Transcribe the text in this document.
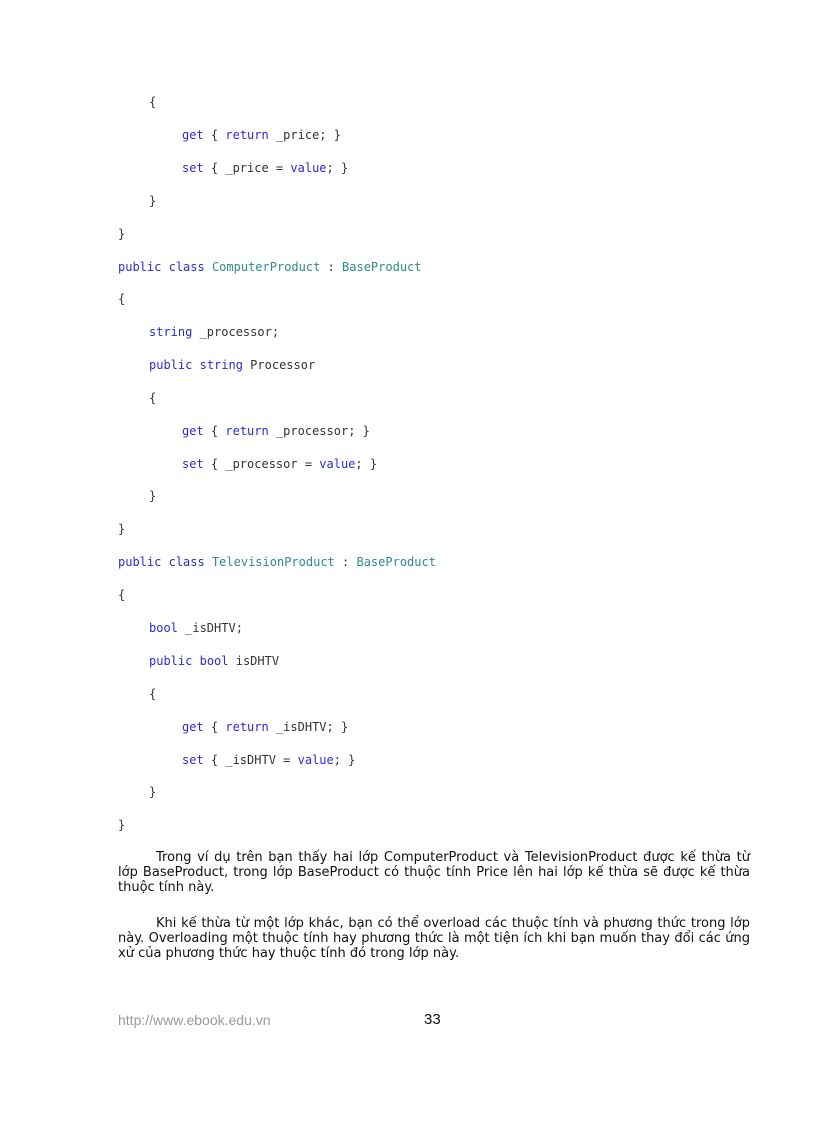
{
get { return _price; }
set { _price = value; }
}
}
public class ComputerProduct : BaseProduct
{
string _processor;
public string Processor
{
get { return _processor; }
set { _processor = value; }
}
}
public class TelevisionProduct : BaseProduct
{
bool _isDHTV;
public bool isDHTV
{
get { return _isDHTV; }
set { _isDHTV = value; }
}
}

Trong ví dụ trên bạn thấy hai lớp ComputerProduct và TelevisionProduct được kế thừa từ lớp BaseProduct, trong lớp BaseProduct có thuộc tính Price lên hai lớp kế thừa sẽ được kế thừa thuộc tính này.

Khi kế thừa từ một lớp khác, bạn có thể overload các thuộc tính và phương thức trong lớp này. Overloading một thuộc tính hay phương thức là một tiện ích khi bạn muốn thay đổi các ứng xử của phương thức hay thuộc tính đó trong lớp này.

http://www.ebook.edu.vn	33
